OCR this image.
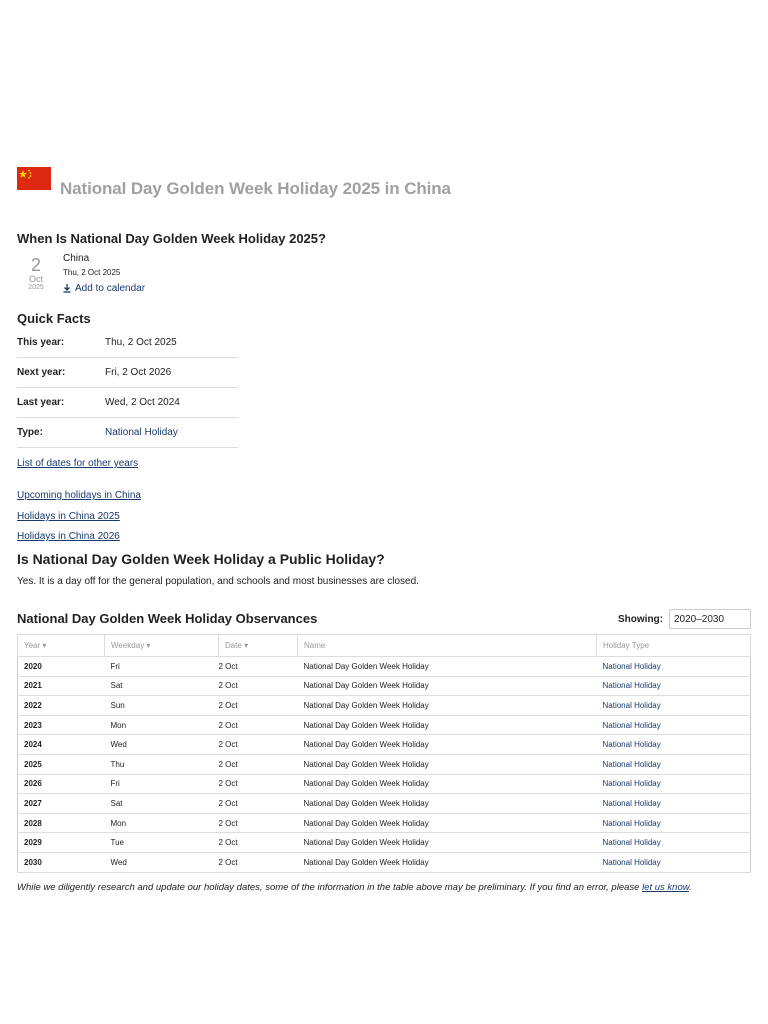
National Day Golden Week Holiday 2025 in China
When Is National Day Golden Week Holiday 2025?
2
Oct
2025
China
Thu, 2 Oct 2025
Add to calendar
Quick Facts
This year:	Thu, 2 Oct 2025
Next year:	Fri, 2 Oct 2026
Last year:	Wed, 2 Oct 2024
Type:	National Holiday
List of dates for other years
Upcoming holidays in China
Holidays in China 2025
Holidays in China 2026
Is National Day Golden Week Holiday a Public Holiday?
Yes. It is a day off for the general population, and schools and most businesses are closed.
National Day Golden Week Holiday Observances	Showing:	2020–2030
Year ▾	Weekday ▾	Date ▾	Name	Holiday Type
2020	Fri	2 Oct	National Day Golden Week Holiday	National Holiday
2021	Sat	2 Oct	National Day Golden Week Holiday	National Holiday
2022	Sun	2 Oct	National Day Golden Week Holiday	National Holiday
2023	Mon	2 Oct	National Day Golden Week Holiday	National Holiday
2024	Wed	2 Oct	National Day Golden Week Holiday	National Holiday
2025	Thu	2 Oct	National Day Golden Week Holiday	National Holiday
2026	Fri	2 Oct	National Day Golden Week Holiday	National Holiday
2027	Sat	2 Oct	National Day Golden Week Holiday	National Holiday
2028	Mon	2 Oct	National Day Golden Week Holiday	National Holiday
2029	Tue	2 Oct	National Day Golden Week Holiday	National Holiday
2030	Wed	2 Oct	National Day Golden Week Holiday	National Holiday
While we diligently research and update our holiday dates, some of the information in the table above may be preliminary. If you find an error, please let us know.
